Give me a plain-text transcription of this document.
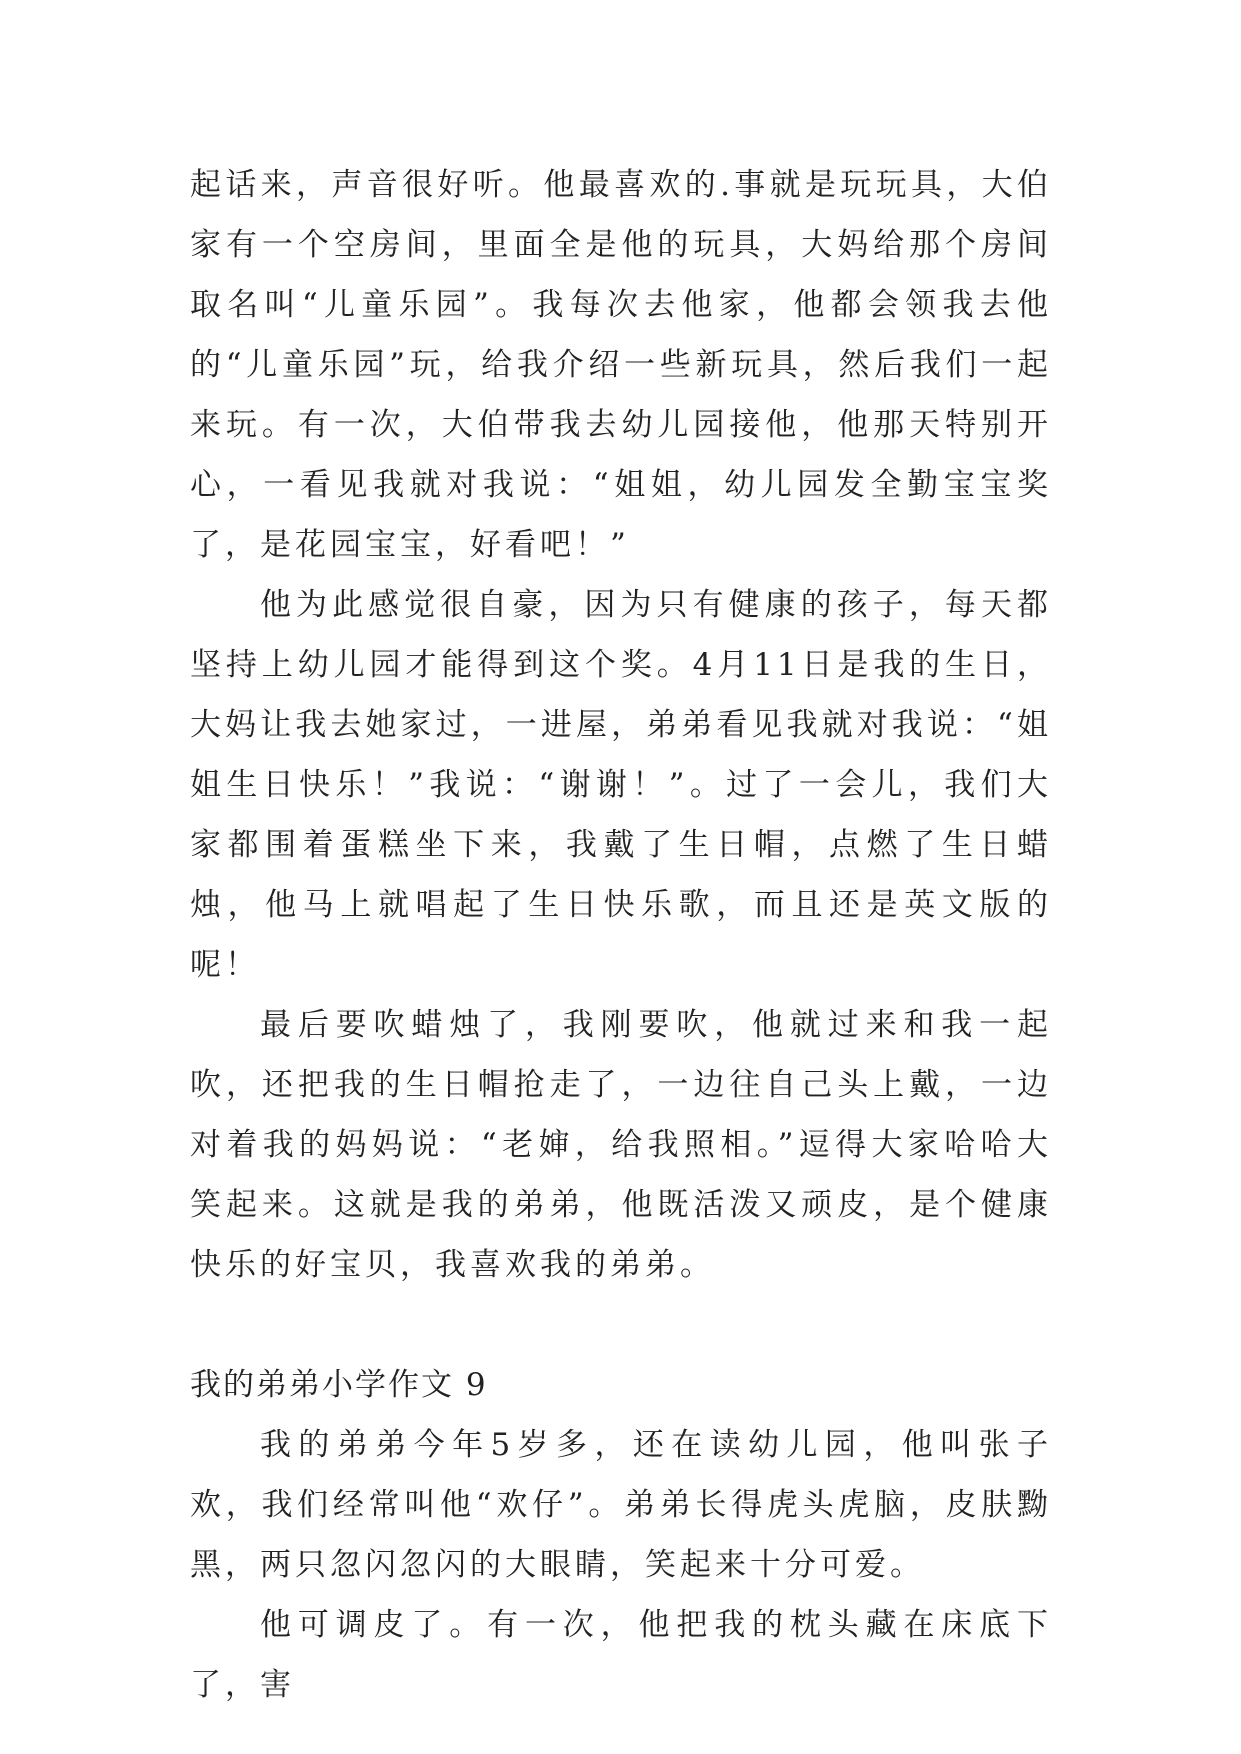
起话来，声音很好听。他最喜欢的.事就是玩玩具，大伯家有一个空房间，里面全是他的玩具，大妈给那个房间取名叫“儿童乐园”。我每次去他家，他都会领我去他的“儿童乐园”玩，给我介绍一些新玩具，然后我们一起来玩。有一次，大伯带我去幼儿园接他，他那天特别开心，一看见我就对我说：“姐姐，幼儿园发全勤宝宝奖了，是花园宝宝，好看吧！”

他为此感觉很自豪，因为只有健康的孩子，每天都坚持上幼儿园才能得到这个奖。4月11日是我的生日，大妈让我去她家过，一进屋，弟弟看见我就对我说：“姐姐生日快乐！”我说：“谢谢！”。过了一会儿，我们大家都围着蛋糕坐下来，我戴了生日帽，点燃了生日蜡烛，他马上就唱起了生日快乐歌，而且还是英文版的呢！

最后要吹蜡烛了，我刚要吹，他就过来和我一起吹，还把我的生日帽抢走了，一边往自己头上戴，一边对着我的妈妈说：“老婶，给我照相。”逗得大家哈哈大笑起来。这就是我的弟弟，他既活泼又顽皮，是个健康快乐的好宝贝，我喜欢我的弟弟。

我的弟弟小学作文 9

我的弟弟今年5岁多，还在读幼儿园，他叫张子欢，我们经常叫他“欢仔”。弟弟长得虎头虎脑，皮肤黝黑，两只忽闪忽闪的大眼睛，笑起来十分可爱。

他可调皮了。有一次，他把我的枕头藏在床底下了，害
